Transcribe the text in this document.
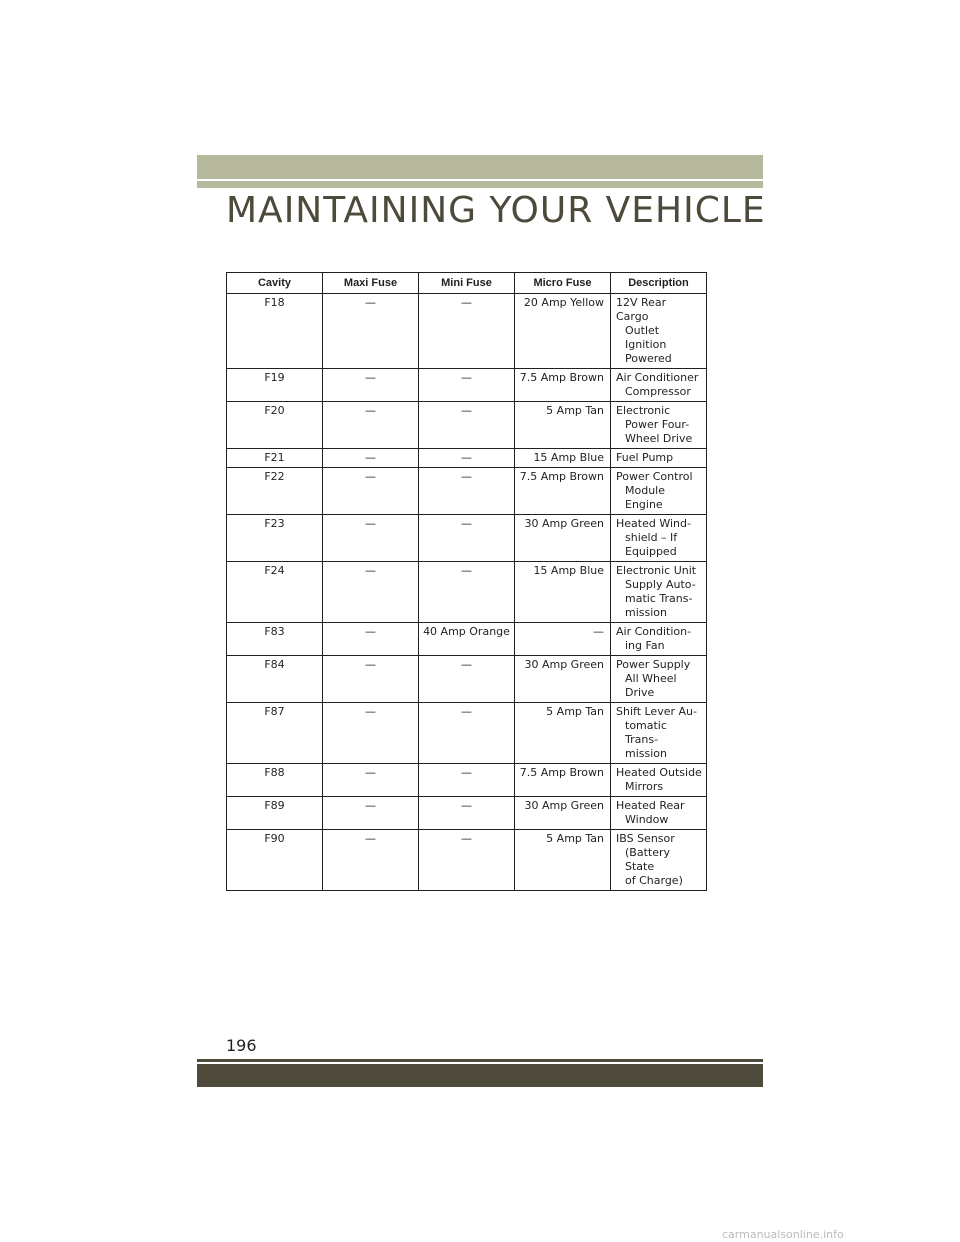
MAINTAINING YOUR VEHICLE
Cavity	Maxi Fuse	Mini Fuse	Micro Fuse	Description
F18	—	—	20 Amp Yellow	12V Rear Cargo
Outlet Ignition
Powered

F19	—	—	7.5 Amp Brown	Air Conditioner
Compressor

F20	—	—	5 Amp Tan	Electronic
Power Four-
Wheel Drive

F21	—	—	15 Amp Blue	Fuel Pump

F22	—	—	7.5 Amp Brown	Power Control
Module Engine

F23	—	—	30 Amp Green	Heated Wind-
shield – If
Equipped

F24	—	—	15 Amp Blue	Electronic Unit
Supply Auto-
matic Trans-
mission

F83	—	40 Amp Orange	—	Air Condition-
ing Fan

F84	—	—	30 Amp Green	Power Supply
All Wheel Drive

F87	—	—	5 Amp Tan	Shift Lever Au-
tomatic Trans-
mission

F88	—	—	7.5 Amp Brown	Heated Outside
Mirrors

F89	—	—	30 Amp Green	Heated Rear
Window

F90	—	—	5 Amp Tan	IBS Sensor
(Battery State
of Charge)
196
carmanualsonline.info
